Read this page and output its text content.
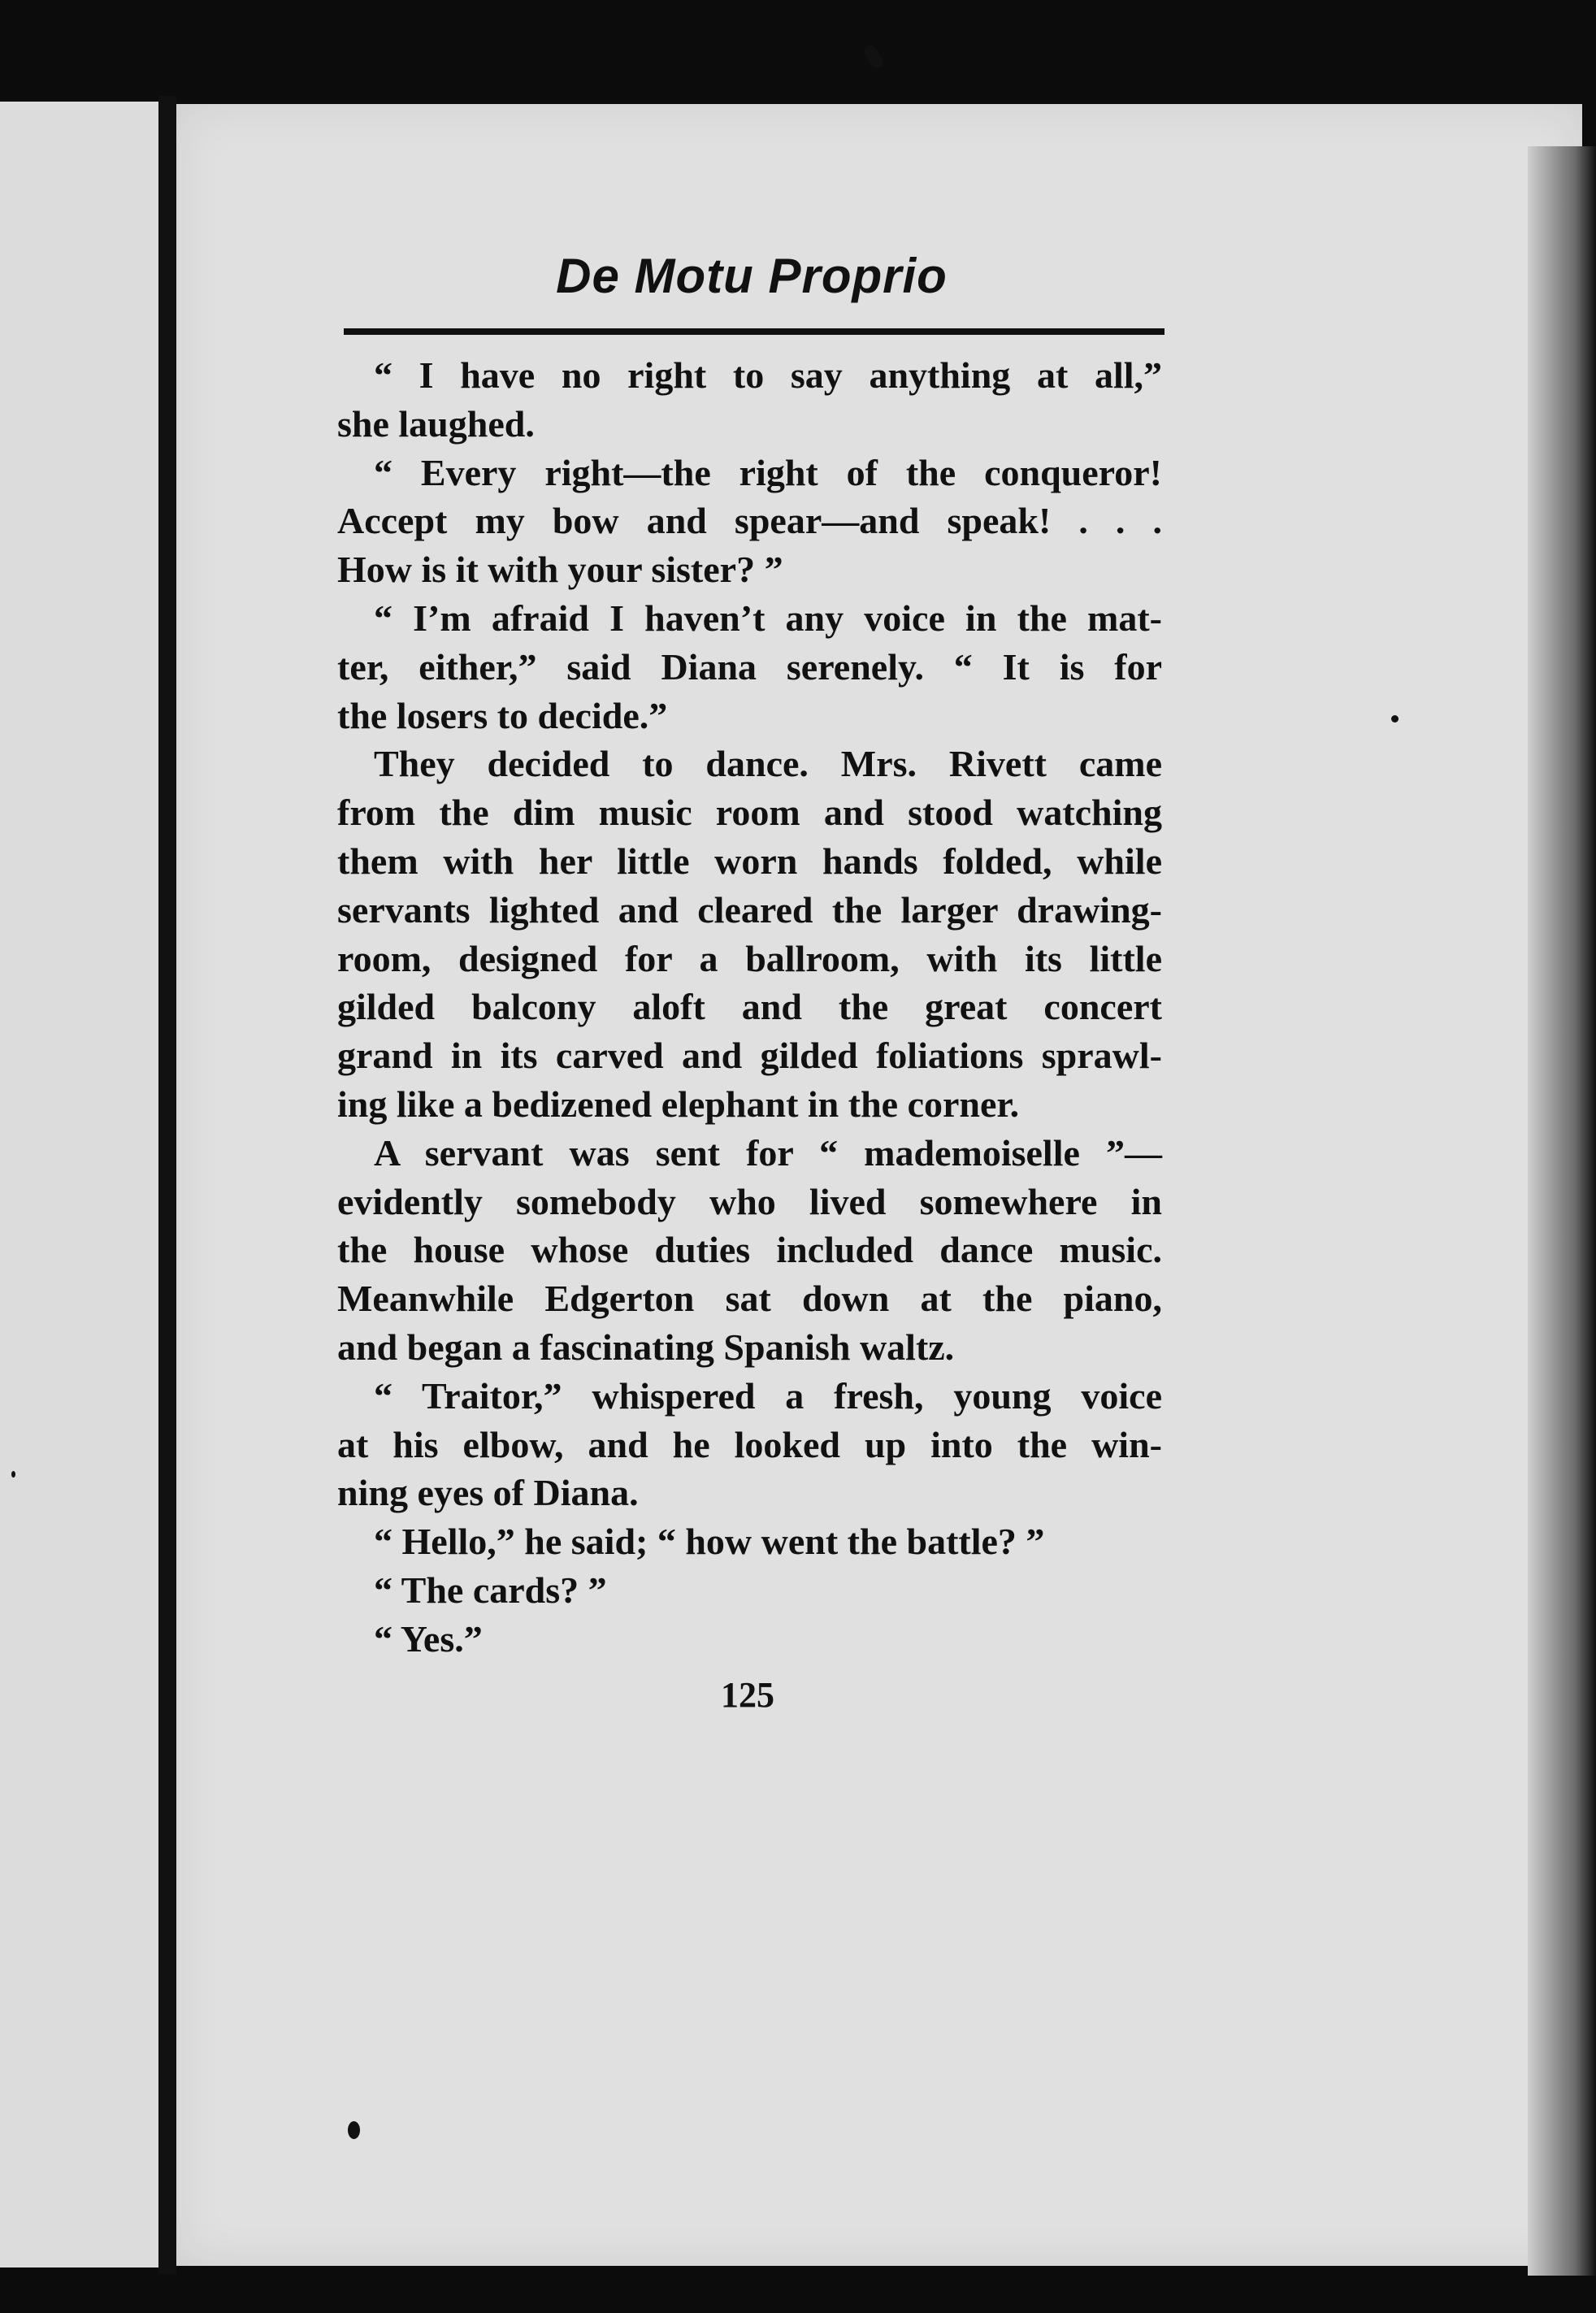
De Motu Proprio
“ I have no right to say anything at all,”
she laughed.
“ Every right—the right of the conqueror!
Accept my bow and spear—and speak! . . .
How is it with your sister? ”
“ I’m afraid I haven’t any voice in the mat-
ter, either,” said Diana serenely. “ It is for
the losers to decide.”
They decided to dance. Mrs. Rivett came
from the dim music room and stood watching
them with her little worn hands folded, while
servants lighted and cleared the larger drawing-
room, designed for a ballroom, with its little
gilded balcony aloft and the great concert
grand in its carved and gilded foliations sprawl-
ing like a bedizened elephant in the corner.
A servant was sent for “ mademoiselle ”—
evidently somebody who lived somewhere in
the house whose duties included dance music.
Meanwhile Edgerton sat down at the piano,
and began a fascinating Spanish waltz.
“ Traitor,” whispered a fresh, young voice
at his elbow, and he looked up into the win-
ning eyes of Diana.
“ Hello,” he said; “ how went the battle? ”
“ The cards? ”
“ Yes.”
125
